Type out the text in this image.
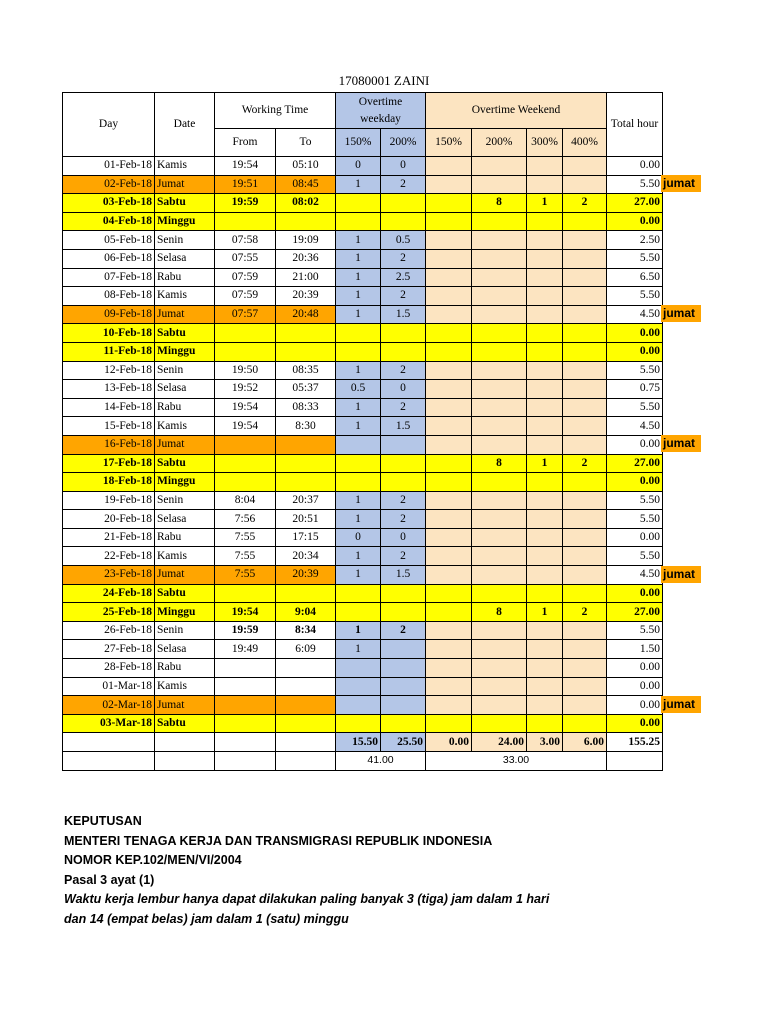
17080001 ZAINI
Day	Date	Working Time		Overtime weekday		Overtime Weekend				Total hour
		From	To	150%	200%	150%	200%	300%	400%	
01-Feb-18	Kamis	19:54	05:10	0	0					0.00
02-Feb-18	Jumat	19:51	08:45	1	2					5.50
03-Feb-18	Sabtu	19:59	08:02				8	1	2	27.00
04-Feb-18	Minggu									0.00
05-Feb-18	Senin	07:58	19:09	1	0.5					2.50
06-Feb-18	Selasa	07:55	20:36	1	2					5.50
07-Feb-18	Rabu	07:59	21:00	1	2.5					6.50
08-Feb-18	Kamis	07:59	20:39	1	2					5.50
09-Feb-18	Jumat	07:57	20:48	1	1.5					4.50
10-Feb-18	Sabtu									0.00
11-Feb-18	Minggu									0.00
12-Feb-18	Senin	19:50	08:35	1	2					5.50
13-Feb-18	Selasa	19:52	05:37	0.5	0					0.75
14-Feb-18	Rabu	19:54	08:33	1	2					5.50
15-Feb-18	Kamis	19:54	8:30	1	1.5					4.50
16-Feb-18	Jumat									0.00
17-Feb-18	Sabtu						8	1	2	27.00
18-Feb-18	Minggu									0.00
19-Feb-18	Senin	8:04	20:37	1	2					5.50
20-Feb-18	Selasa	7:56	20:51	1	2					5.50
21-Feb-18	Rabu	7:55	17:15	0	0					0.00
22-Feb-18	Kamis	7:55	20:34	1	2					5.50
23-Feb-18	Jumat	7:55	20:39	1	1.5					4.50
24-Feb-18	Sabtu									0.00
25-Feb-18	Minggu	19:54	9:04				8	1	2	27.00
26-Feb-18	Senin	19:59	8:34	1	2					5.50
27-Feb-18	Selasa	19:49	6:09	1						1.50
28-Feb-18	Rabu									0.00
01-Mar-18	Kamis									0.00
02-Mar-18	Jumat									0.00
03-Mar-18	Sabtu									0.00
				15.50	25.50	0.00	24.00	3.00	6.00	155.25
				41.00		33.00				
jumat
jumat
jumat
jumat
jumat
KEPUTUSAN
MENTERI TENAGA KERJA DAN TRANSMIGRASI REPUBLIK INDONESIA
NOMOR KEP.102/MEN/VI/2004
Pasal 3 ayat (1)
Waktu kerja lembur hanya dapat dilakukan paling banyak 3 (tiga) jam dalam 1 hari
dan 14 (empat belas) jam dalam 1 (satu) minggu
